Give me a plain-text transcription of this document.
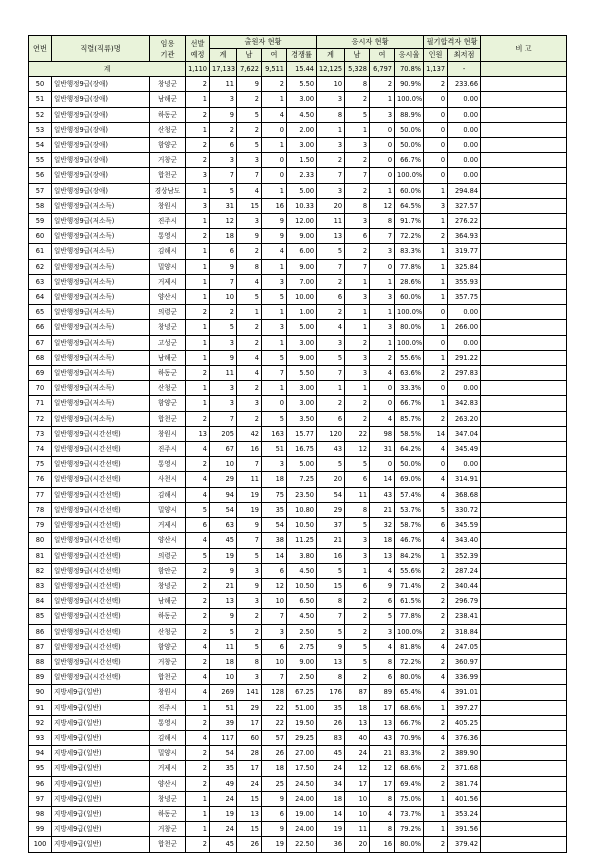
연번	직렬(직류)명	임용
기관	선발
예정	출원자 현황				응시자 현황				필기합격자 현황		비 고
				계	남	여	경쟁률	계	남	여	응시율	인원	최저점	
계			1,110	17,133	7,622	9,511	15.44	12,125	5,328	6,797	70.8%	1,137	-	
50	일반행정9급(장애)	창녕군	2	11	9	2	5.50	10	8	2	90.9%	2	233.66	
51	일반행정9급(장애)	남해군	1	3	2	1	3.00	3	2	1	100.0%	0	0.00	
52	일반행정9급(장애)	하동군	2	9	5	4	4.50	8	5	3	88.9%	0	0.00	
53	일반행정9급(장애)	산청군	1	2	2	0	2.00	1	1	0	50.0%	0	0.00	
54	일반행정9급(장애)	함양군	2	6	5	1	3.00	3	3	0	50.0%	0	0.00	
55	일반행정9급(장애)	거창군	2	3	3	0	1.50	2	2	0	66.7%	0	0.00	
56	일반행정9급(장애)	합천군	3	7	7	0	2.33	7	7	0	100.0%	0	0.00	
57	일반행정9급(장애)	경상남도	1	5	4	1	5.00	3	2	1	60.0%	1	294.84	
58	일반행정9급(저소득)	창원시	3	31	15	16	10.33	20	8	12	64.5%	3	327.57	
59	일반행정9급(저소득)	진주시	1	12	3	9	12.00	11	3	8	91.7%	1	276.22	
60	일반행정9급(저소득)	통영시	2	18	9	9	9.00	13	6	7	72.2%	2	364.93	
61	일반행정9급(저소득)	김해시	1	6	2	4	6.00	5	2	3	83.3%	1	319.77	
62	일반행정9급(저소득)	밀양시	1	9	8	1	9.00	7	7	0	77.8%	1	325.84	
63	일반행정9급(저소득)	거제시	1	7	4	3	7.00	2	1	1	28.6%	1	355.93	
64	일반행정9급(저소득)	양산시	1	10	5	5	10.00	6	3	3	60.0%	1	357.75	
65	일반행정9급(저소득)	의령군	2	2	1	1	1.00	2	1	1	100.0%	0	0.00	
66	일반행정9급(저소득)	창녕군	1	5	2	3	5.00	4	1	3	80.0%	1	266.00	
67	일반행정9급(저소득)	고성군	1	3	2	1	3.00	3	2	1	100.0%	0	0.00	
68	일반행정9급(저소득)	남해군	1	9	4	5	9.00	5	3	2	55.6%	1	291.22	
69	일반행정9급(저소득)	하동군	2	11	4	7	5.50	7	3	4	63.6%	2	297.83	
70	일반행정9급(저소득)	산청군	1	3	2	1	3.00	1	1	0	33.3%	0	0.00	
71	일반행정9급(저소득)	함양군	1	3	3	0	3.00	2	2	0	66.7%	1	342.83	
72	일반행정9급(저소득)	합천군	2	7	2	5	3.50	6	2	4	85.7%	2	263.20	
73	일반행정9급(시간선택)	창원시	13	205	42	163	15.77	120	22	98	58.5%	14	347.04	
74	일반행정9급(시간선택)	진주시	4	67	16	51	16.75	43	12	31	64.2%	4	345.49	
75	일반행정9급(시간선택)	통영시	2	10	7	3	5.00	5	5	0	50.0%	0	0.00	
76	일반행정9급(시간선택)	사천시	4	29	11	18	7.25	20	6	14	69.0%	4	314.91	
77	일반행정9급(시간선택)	김해시	4	94	19	75	23.50	54	11	43	57.4%	4	368.68	
78	일반행정9급(시간선택)	밀양시	5	54	19	35	10.80	29	8	21	53.7%	5	330.72	
79	일반행정9급(시간선택)	거제시	6	63	9	54	10.50	37	5	32	58.7%	6	345.59	
80	일반행정9급(시간선택)	양산시	4	45	7	38	11.25	21	3	18	46.7%	4	343.40	
81	일반행정9급(시간선택)	의령군	5	19	5	14	3.80	16	3	13	84.2%	1	352.39	
82	일반행정9급(시간선택)	함안군	2	9	3	6	4.50	5	1	4	55.6%	2	287.24	
83	일반행정9급(시간선택)	창녕군	2	21	9	12	10.50	15	6	9	71.4%	2	340.44	
84	일반행정9급(시간선택)	남해군	2	13	3	10	6.50	8	2	6	61.5%	2	296.79	
85	일반행정9급(시간선택)	하동군	2	9	2	7	4.50	7	2	5	77.8%	2	238.41	
86	일반행정9급(시간선택)	산청군	2	5	2	3	2.50	5	2	3	100.0%	2	318.84	
87	일반행정9급(시간선택)	함양군	4	11	5	6	2.75	9	5	4	81.8%	4	247.05	
88	일반행정9급(시간선택)	거창군	2	18	8	10	9.00	13	5	8	72.2%	2	360.97	
89	일반행정9급(시간선택)	합천군	4	10	3	7	2.50	8	2	6	80.0%	4	336.99	
90	지방세9급(일반)	창원시	4	269	141	128	67.25	176	87	89	65.4%	4	391.01	
91	지방세9급(일반)	진주시	1	51	29	22	51.00	35	18	17	68.6%	1	397.27	
92	지방세9급(일반)	통영시	2	39	17	22	19.50	26	13	13	66.7%	2	405.25	
93	지방세9급(일반)	김해시	4	117	60	57	29.25	83	40	43	70.9%	4	376.36	
94	지방세9급(일반)	밀양시	2	54	28	26	27.00	45	24	21	83.3%	2	389.90	
95	지방세9급(일반)	거제시	2	35	17	18	17.50	24	12	12	68.6%	2	371.68	
96	지방세9급(일반)	양산시	2	49	24	25	24.50	34	17	17	69.4%	2	381.74	
97	지방세9급(일반)	창녕군	1	24	15	9	24.00	18	10	8	75.0%	1	401.56	
98	지방세9급(일반)	하동군	1	19	13	6	19.00	14	10	4	73.7%	1	353.24	
99	지방세9급(일반)	거창군	1	24	15	9	24.00	19	11	8	79.2%	1	391.56	
100	지방세9급(일반)	합천군	2	45	26	19	22.50	36	20	16	80.0%	2	379.42	
